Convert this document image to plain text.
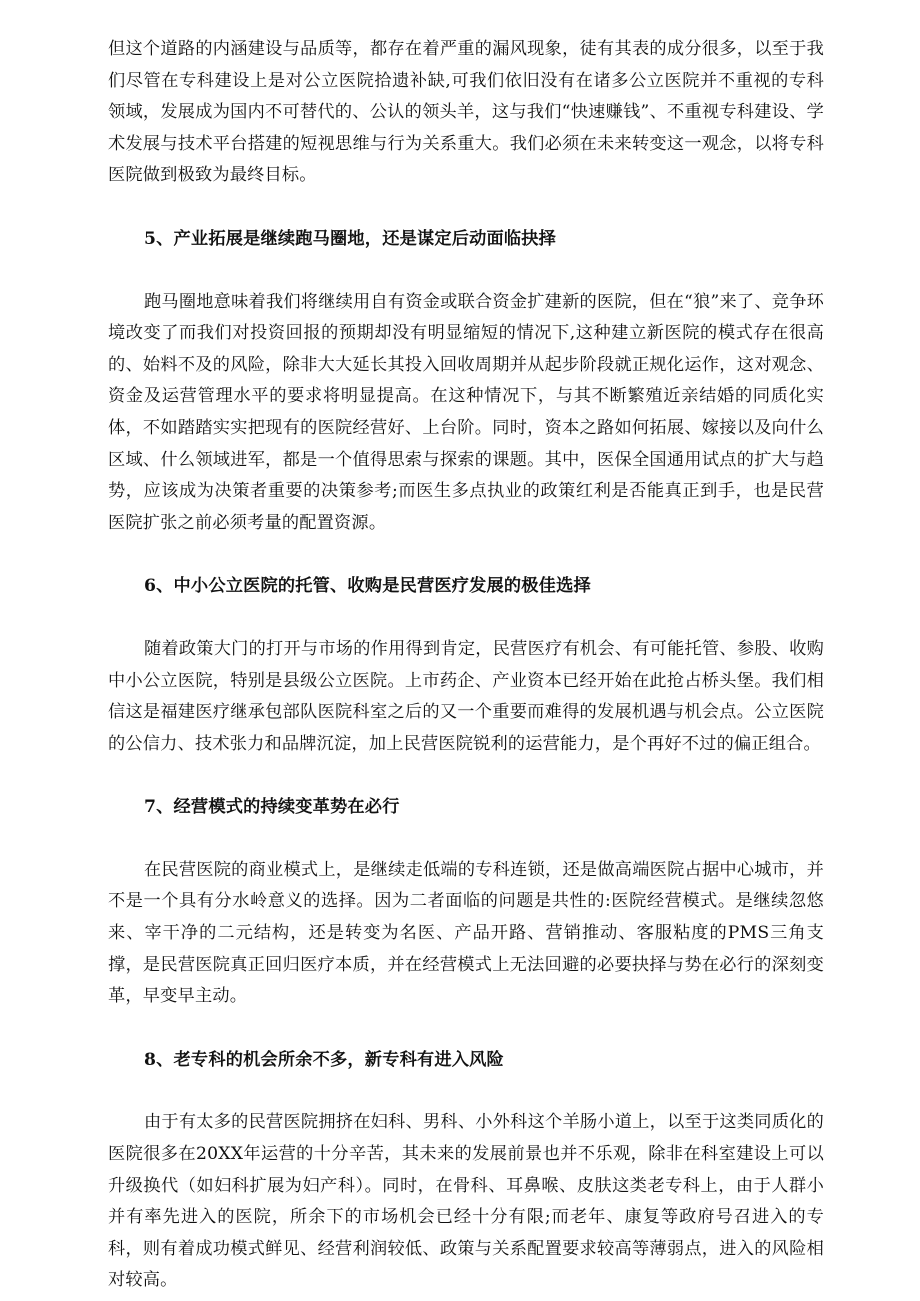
但这个道路的内涵建设与品质等，都存在着严重的漏风现象，徒有其表的成分很多，以至于我们尽管在专科建设上是对公立医院拾遗补缺,可我们依旧没有在诸多公立医院并不重视的专科领域，发展成为国内不可替代的、公认的领头羊，这与我们“快速赚钱”、不重视专科建设、学术发展与技术平台搭建的短视思维与行为关系重大。我们必须在未来转变这一观念，以将专科医院做到极致为最终目标。

5、产业拓展是继续跑马圈地，还是谋定后动面临抉择

跑马圈地意味着我们将继续用自有资金或联合资金扩建新的医院，但在“狼”来了、竞争环境改变了而我们对投资回报的预期却没有明显缩短的情况下,这种建立新医院的模式存在很高的、始料不及的风险，除非大大延长其投入回收周期并从起步阶段就正规化运作，这对观念、资金及运营管理水平的要求将明显提高。在这种情况下，与其不断繁殖近亲结婚的同质化实体，不如踏踏实实把现有的医院经营好、上台阶。同时，资本之路如何拓展、嫁接以及向什么区域、什么领域进军，都是一个值得思索与探索的课题。其中，医保全国通用试点的扩大与趋势，应该成为决策者重要的决策参考;而医生多点执业的政策红利是否能真正到手，也是民营医院扩张之前必须考量的配置资源。

6、中小公立医院的托管、收购是民营医疗发展的极佳选择

随着政策大门的打开与市场的作用得到肯定，民营医疗有机会、有可能托管、参股、收购中小公立医院，特别是县级公立医院。上市药企、产业资本已经开始在此抢占桥头堡。我们相信这是福建医疗继承包部队医院科室之后的又一个重要而难得的发展机遇与机会点。公立医院的公信力、技术张力和品牌沉淀，加上民营医院锐利的运营能力，是个再好不过的偏正组合。

7、经营模式的持续变革势在必行

在民营医院的商业模式上，是继续走低端的专科连锁，还是做高端医院占据中心城市，并不是一个具有分水岭意义的选择。因为二者面临的问题是共性的:医院经营模式。是继续忽悠来、宰干净的二元结构，还是转变为名医、产品开路、营销推动、客服粘度的PMS三角支撑，是民营医院真正回归医疗本质，并在经营模式上无法回避的必要抉择与势在必行的深刻变革，早变早主动。

8、老专科的机会所余不多，新专科有进入风险

由于有太多的民营医院拥挤在妇科、男科、小外科这个羊肠小道上，以至于这类同质化的医院很多在20XX年运营的十分辛苦，其未来的发展前景也并不乐观，除非在科室建设上可以升级换代（如妇科扩展为妇产科）。同时，在骨科、耳鼻喉、皮肤这类老专科上，由于人群小并有率先进入的医院，所余下的市场机会已经十分有限;而老年、康复等政府号召进入的专科，则有着成功模式鲜见、经营利润较低、政策与关系配置要求较高等薄弱点，进入的风险相对较高。
